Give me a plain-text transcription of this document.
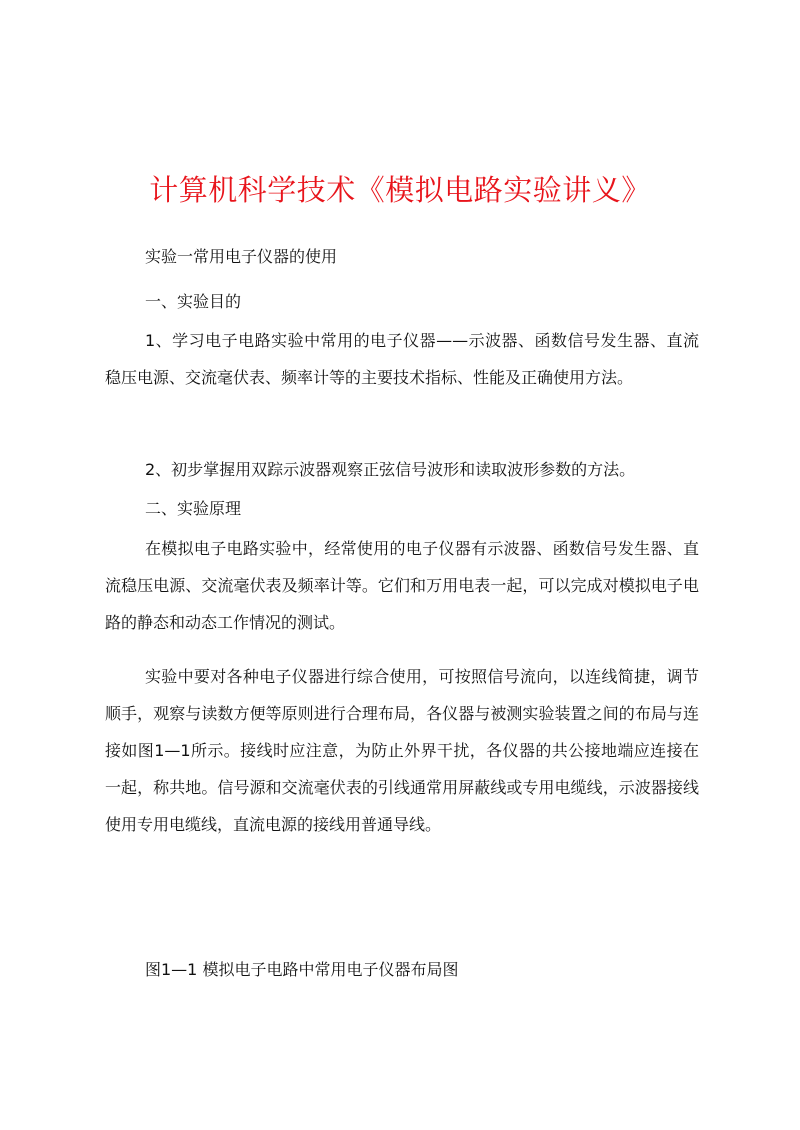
计算机科学技术《模拟电路实验讲义》
实验一常用电子仪器的使用
一、实验目的

1、学习电子电路实验中常用的电子仪器——示波器、函数信号发生器、直流稳压电源、交流毫伏表、频率计等的主要技术指标、性能及正确使用方法。

2、初步掌握用双踪示波器观察正弦信号波形和读取波形参数的方法。

二、实验原理

在模拟电子电路实验中，经常使用的电子仪器有示波器、函数信号发生器、直流稳压电源、交流毫伏表及频率计等。它们和万用电表一起，可以完成对模拟电子电路的静态和动态工作情况的测试。

实验中要对各种电子仪器进行综合使用，可按照信号流向，以连线简捷，调节顺手，观察与读数方便等原则进行合理布局，各仪器与被测实验装置之间的布局与连接如图1—1所示。接线时应注意，为防止外界干扰，各仪器的共公接地端应连接在一起，称共地。信号源和交流毫伏表的引线通常用屏蔽线或专用电缆线，示波器接线使用专用电缆线，直流电源的接线用普通导线。

图1—1 模拟电子电路中常用电子仪器布局图
